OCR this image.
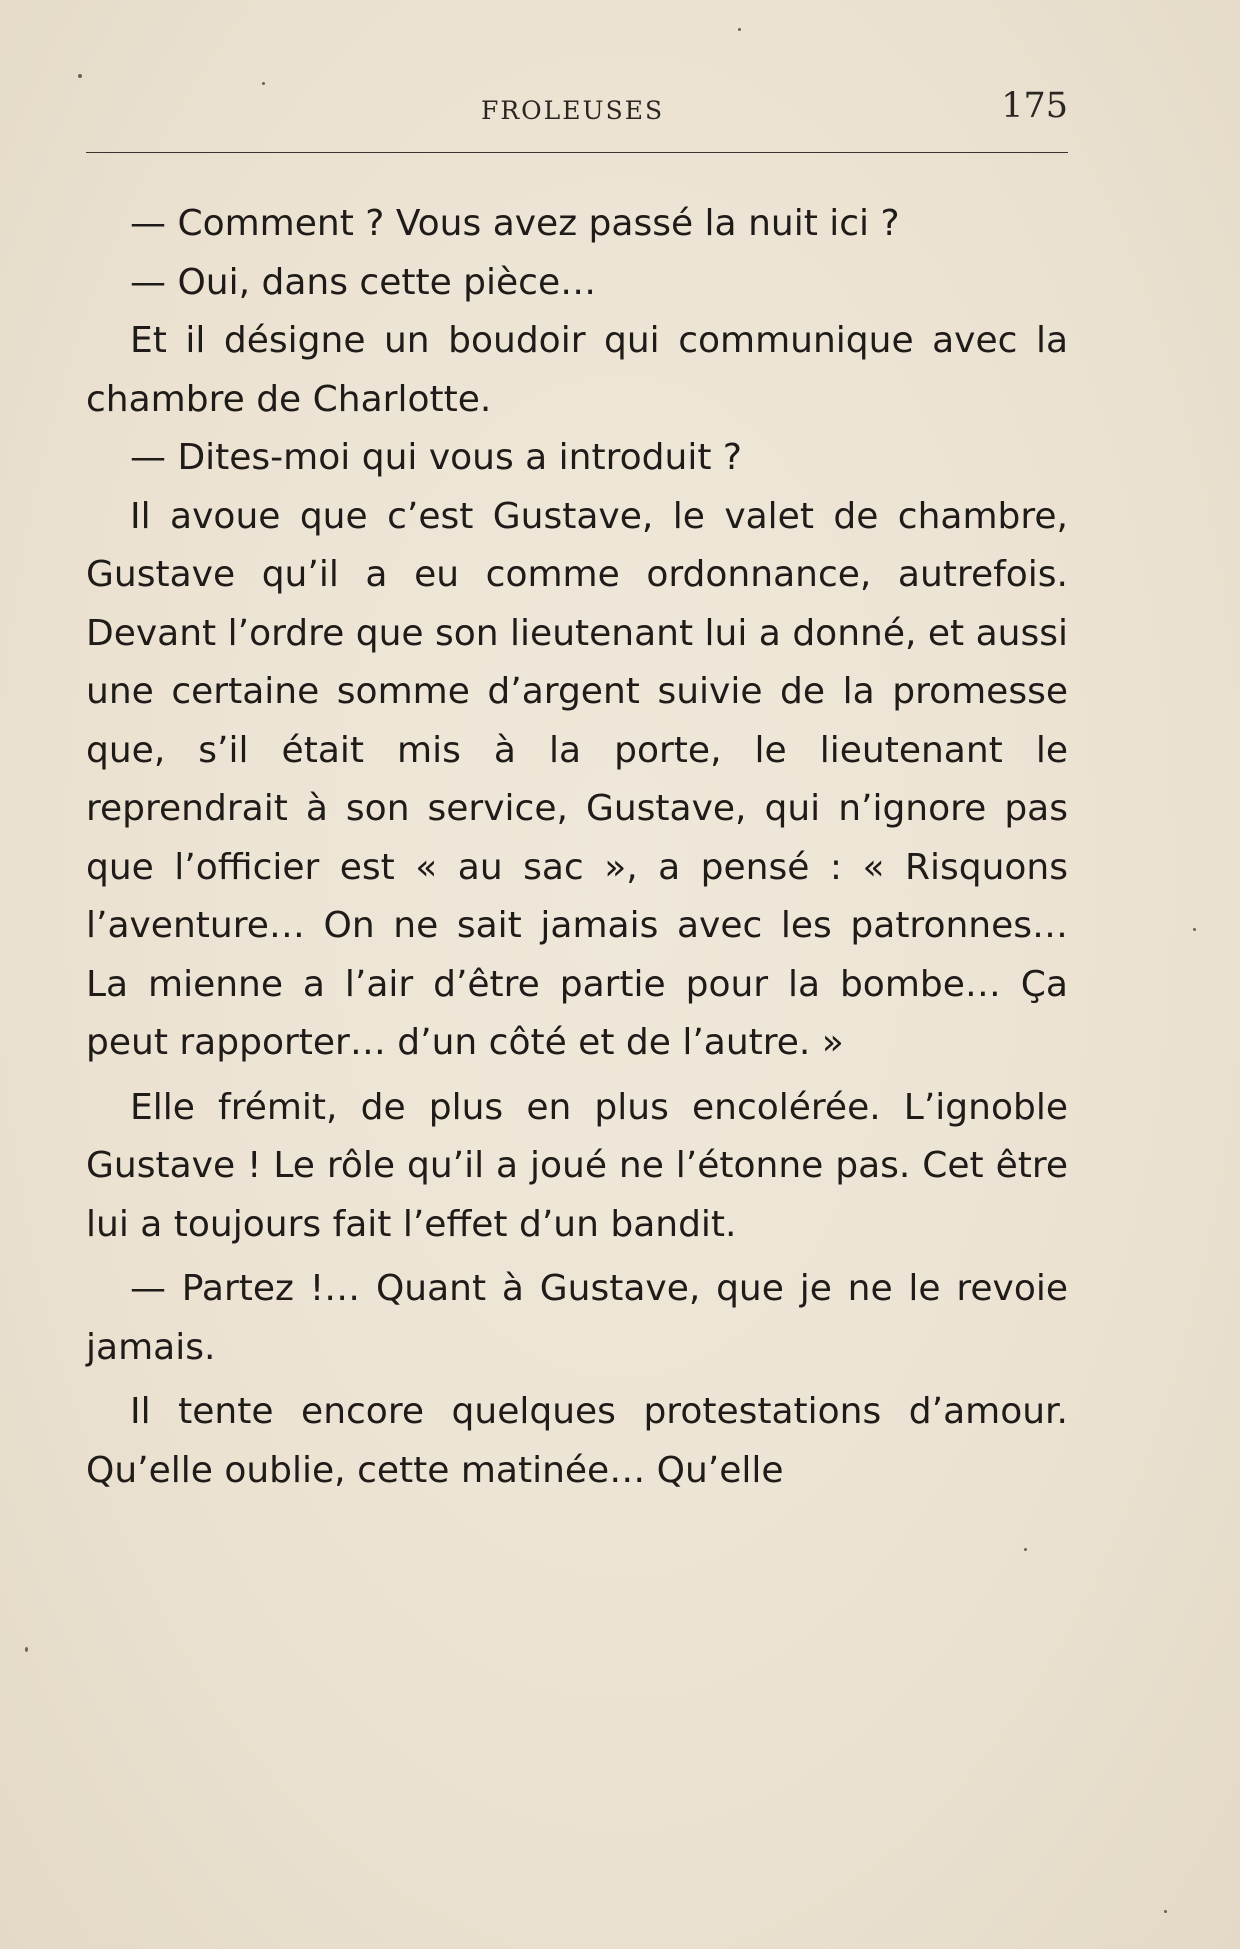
FROLEUSES	175

— Comment ? Vous avez passé la nuit ici ?

— Oui, dans cette pièce…

Et il désigne un boudoir qui communique avec la chambre de Charlotte.

— Dites-moi qui vous a introduit ?

Il avoue que c’est Gustave, le valet de chambre, Gustave qu’il a eu comme ordonnance, autrefois. Devant l’ordre que son lieutenant lui a donné, et aussi une certaine somme d’argent suivie de la promesse que, s’il était mis à la porte, le lieutenant le reprendrait à son service, Gustave, qui n’ignore pas que l’officier est « au sac », a pensé : « Risquons l’aventure… On ne sait jamais avec les patronnes… La mienne a l’air d’être partie pour la bombe… Ça peut rapporter… d’un côté et de l’autre. »

Elle frémit, de plus en plus encolérée. L’ignoble Gustave ! Le rôle qu’il a joué ne l’étonne pas. Cet être lui a toujours fait l’effet d’un bandit.

— Partez !… Quant à Gustave, que je ne le revoie jamais.

Il tente encore quelques protestations d’amour. Qu’elle oublie, cette matinée… Qu’elle
